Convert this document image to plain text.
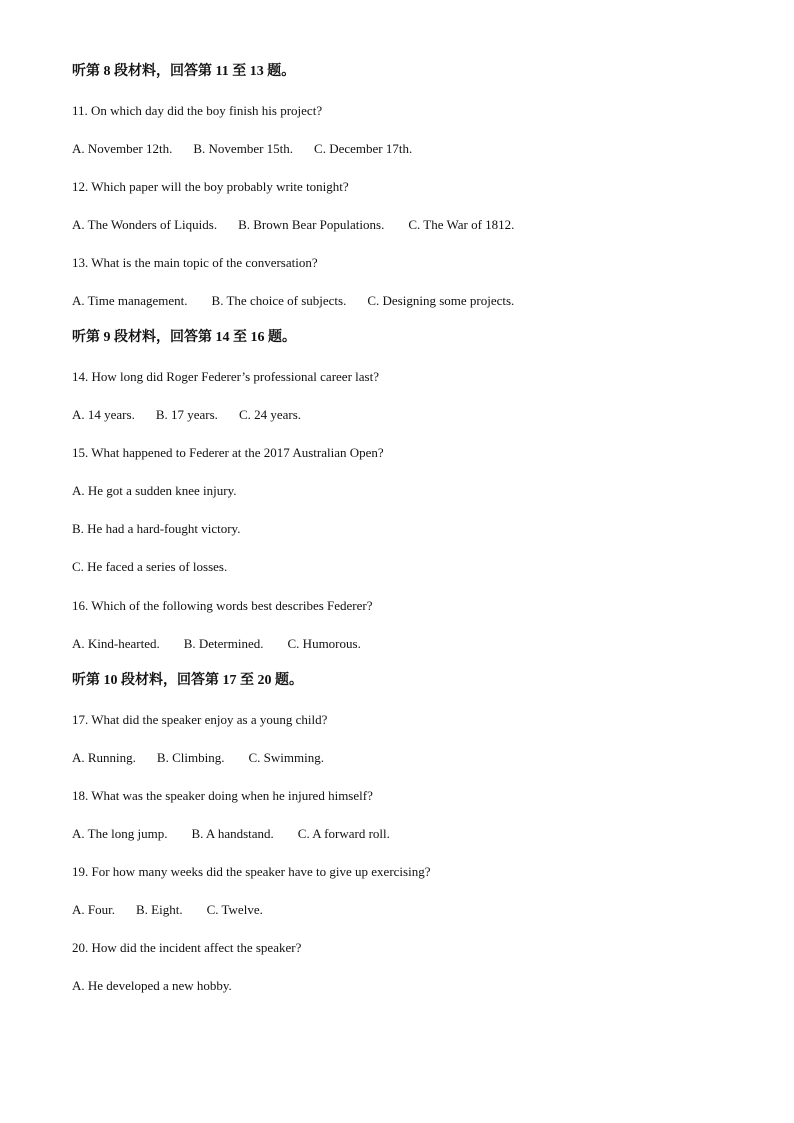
听第 8 段材料，回答第 11 至 13 题。
11. On which day did the boy finish his project?
A. November 12th. B. November 15th. C. December 17th.
12. Which paper will the boy probably write tonight?
A. The Wonders of Liquids. B. Brown Bear Populations. C. The War of 1812.
13. What is the main topic of the conversation?
A. Time management. B. The choice of subjects. C. Designing some projects.
听第 9 段材料，回答第 14 至 16 题。
14. How long did Roger Federer’s professional career last?
A. 14 years. B. 17 years. C. 24 years.
15. What happened to Federer at the 2017 Australian Open?
A. He got a sudden knee injury.
B. He had a hard-fought victory.
C. He faced a series of losses.
16. Which of the following words best describes Federer?
A. Kind-hearted. B. Determined. C. Humorous.
听第 10 段材料，回答第 17 至 20 题。
17. What did the speaker enjoy as a young child?
A. Running. B. Climbing. C. Swimming.
18. What was the speaker doing when he injured himself?
A. The long jump. B. A handstand. C. A forward roll.
19. For how many weeks did the speaker have to give up exercising?
A. Four. B. Eight. C. Twelve.
20. How did the incident affect the speaker?
A. He developed a new hobby.
